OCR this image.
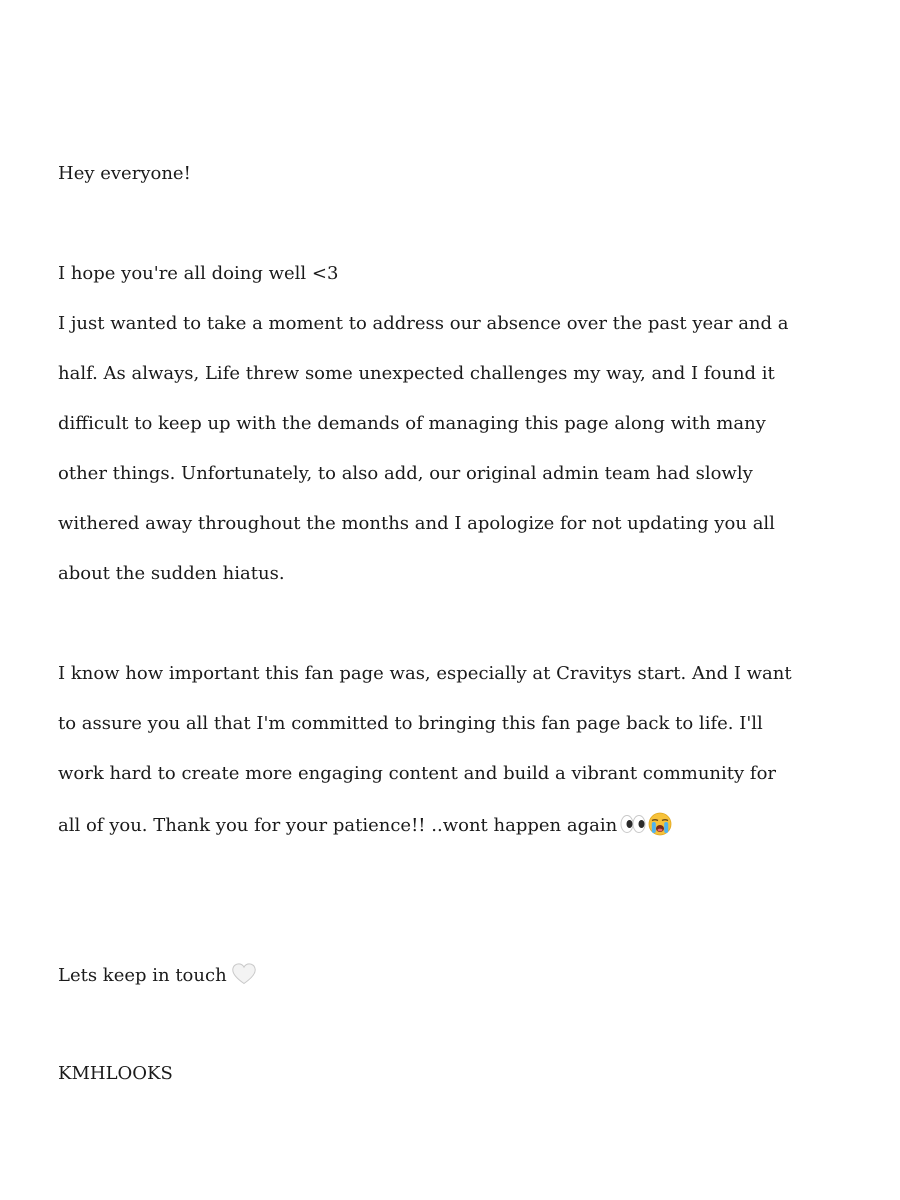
Hey everyone!
I hope you're all doing well <3
I just wanted to take a moment to address our absence over the past year and a
half. As always, Life threw some unexpected challenges my way, and I found it
difficult to keep up with the demands of managing this page along with many
other things. Unfortunately, to also add, our original admin team had slowly
withered away throughout the months and I apologize for not updating you all
about the sudden hiatus.
I know how important this fan page was, especially at Cravitys start. And I want
to assure you all that I'm committed to bringing this fan page back to life. I'll
work hard to create more engaging content and build a vibrant community for
all of you. Thank you for your patience!! ..wont happen again
Lets keep in touch
KMHLOOKS
